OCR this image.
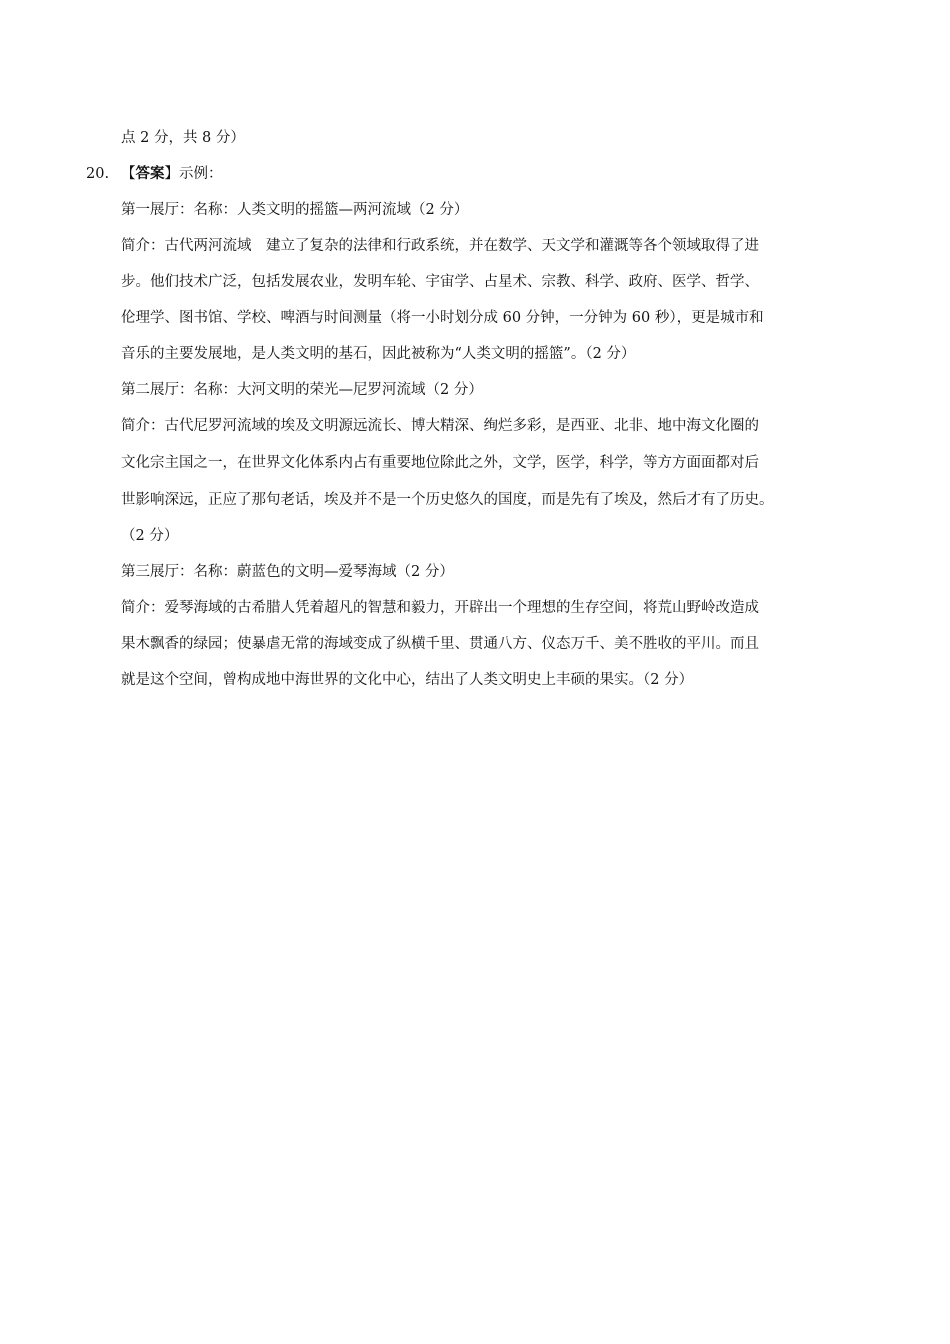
点 2 分，共 8 分）
20. 【答案】示例：
第一展厅：名称：人类文明的摇篮—两河流域（2 分）
简介：古代两河流域　建立了复杂的法律和行政系统，并在数学、天文学和灌溉等各个领域取得了进
步。他们技术广泛，包括发展农业，发明车轮、宇宙学、占星术、宗教、科学、政府、医学、哲学、
伦理学、图书馆、学校、啤酒与时间测量（将一小时划分成 60 分钟，一分钟为 60 秒），更是城市和
音乐的主要发展地，是人类文明的基石，因此被称为“人类文明的摇篮”。（2 分）
第二展厅：名称：大河文明的荣光—尼罗河流域（2 分）
简介：古代尼罗河流域的埃及文明源远流长、博大精深、绚烂多彩，是西亚、北非、地中海文化圈的
文化宗主国之一，在世界文化体系内占有重要地位除此之外，文学，医学，科学，等方方面面都对后
世影响深远，正应了那句老话，埃及并不是一个历史悠久的国度，而是先有了埃及，然后才有了历史。
（2 分）
第三展厅：名称：蔚蓝色的文明—爱琴海域（2 分）
简介：爱琴海域的古希腊人凭着超凡的智慧和毅力，开辟出一个理想的生存空间，将荒山野岭改造成
果木飘香的绿园；使暴虐无常的海域变成了纵横千里、贯通八方、仪态万千、美不胜收的平川。而且
就是这个空间，曾构成地中海世界的文化中心，结出了人类文明史上丰硕的果实。（2 分）
